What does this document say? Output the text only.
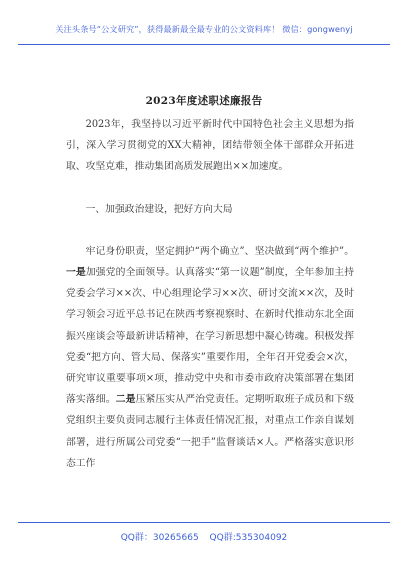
关注头条号“公文研究”，获得最新最全最专业的公文资料库！ 微信：gongwenyj
2023年度述职述廉报告

2023年，我坚持以习近平新时代中国特色社会主义思想为指引，深入学习贯彻党的XX大精神，团结带领全体干部群众开拓进取、攻坚克难，推动集团高质发展跑出××加速度。

一、加强政治建设，把好方向大局

牢记身份职责，坚定拥护“两个确立”、坚决做到“两个维护”。一是加强党的全面领导。认真落实“第一议题”制度，全年参加主持党委会学习××次、中心组理论学习××次、研讨交流××次，及时学习领会习近平总书记在陕西考察视察时、在新时代推动东北全面振兴座谈会等最新讲话精神，在学习新思想中凝心铸魂。积极发挥党委“把方向、管大局、保落实”重要作用，全年召开党委会×次，研究审议重要事项×项，推动党中央和市委市政府决策部署在集团落实落细。二是压紧压实从严治党责任。定期听取班子成员和下级党组织主要负责同志履行主体责任情况汇报，对重点工作亲自谋划部署，进行所属公司党委“一把手”监督谈话×人。严格落实意识形态工作

QQ群：30265665 QQ群:535304092
